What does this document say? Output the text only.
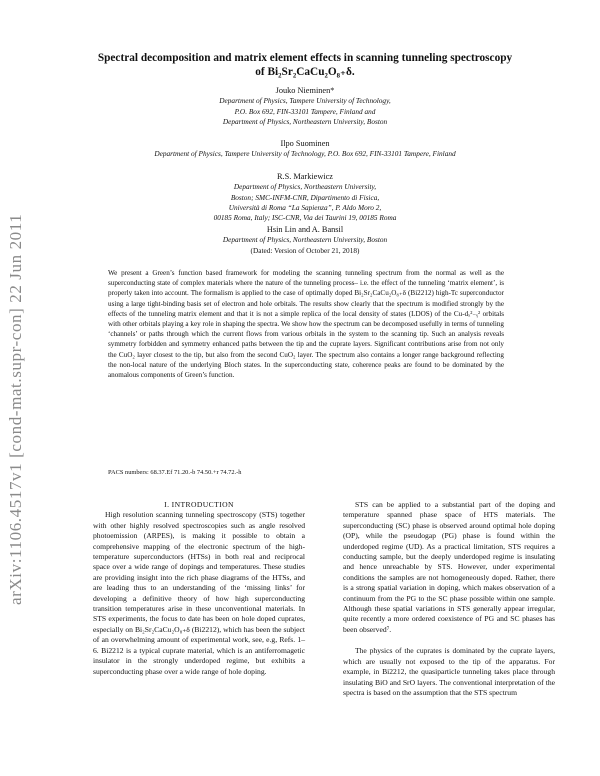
arXiv:1106.4517v1 [cond-mat.supr-con] 22 Jun 2011
Spectral decomposition and matrix element effects in scanning tunneling spectroscopy
of Bi₂Sr₂CaCu₂O₈₊δ.
Jouko Nieminen*
Department of Physics, Tampere University of Technology,
P.O. Box 692, FIN-33101 Tampere, Finland and
Department of Physics, Northeastern University, Boston
Ilpo Suominen
Department of Physics, Tampere University of Technology, P.O. Box 692, FIN-33101 Tampere, Finland
R.S. Markiewicz
Department of Physics, Northeastern University,
Boston; SMC-INFM-CNR, Dipartimento di Fisica,
Università di Roma “La Sapienza”, P. Aldo Moro 2,
00185 Roma, Italy; ISC-CNR, Via dei Taurini 19, 00185 Roma
Hsin Lin and A. Bansil
Department of Physics, Northeastern University, Boston
(Dated: Version of October 21, 2018)
We present a Green’s function based framework for modeling the scanning tunneling spectrum from the normal as well as the superconducting state of complex materials where the nature of the tunneling process– i.e. the effect of the tunneling ‘matrix element’, is properly taken into account. The formalism is applied to the case of optimally doped Bi₂Sr₂CaCu₂O₈₊δ (Bi2212) high-Tc superconductor using a large tight-binding basis set of electron and hole orbitals. The results show clearly that the spectrum is modified strongly by the effects of the tunneling matrix element and that it is not a simple replica of the local density of states (LDOS) of the Cu-dₓ²₋ᵧ² orbitals with other orbitals playing a key role in shaping the spectra. We show how the spectrum can be decomposed usefully in terms of tunneling ‘channels’ or paths through which the current flows from various orbitals in the system to the scanning tip. Such an analysis reveals symmetry forbidden and symmetry enhanced paths between the tip and the cuprate layers. Significant contributions arise from not only the CuO₂ layer closest to the tip, but also from the second CuO₂ layer. The spectrum also contains a longer range background reflecting the non-local nature of the underlying Bloch states. In the superconducting state, coherence peaks are found to be dominated by the anomalous components of Green’s function.
PACS numbers: 68.37.Ef 71.20.-b 74.50.+r 74.72.-h

I. INTRODUCTION

High resolution scanning tunneling spectroscopy (STS) together with other highly resolved spectroscopies such as angle resolved photoemission (ARPES), is making it possible to obtain a comprehensive mapping of the electronic spectrum of the high-temperature superconductors (HTSs) in both real and reciprocal space over a wide range of dopings and temperatures. These studies are providing insight into the rich phase diagrams of the HTSs, and are leading thus to an understanding of the ‘missing links’ for developing a definitive theory of how high superconducting transition temperatures arise in these unconventional materials. In STS experiments, the focus to date has been on hole doped cuprates, especially on Bi₂Sr₂CaCu₂O₈₊δ (Bi2212), which has been the subject of an overwhelming amount of experimental work, see, e.g, Refs. 1–6. Bi2212 is a typical cuprate material, which is an antiferromagetic insulator in the strongly underdoped regime, but exhibits a superconducting phase over a wide range of hole doping.

STS can be applied to a substantial part of the doping and temperature spanned phase space of HTS materials. The superconducting (SC) phase is observed around optimal hole doping (OP), while the pseudogap (PG) phase is found within the underdoped regime (UD). As a practical limitation, STS requires a conducting sample, but the deeply underdoped regime is insulating and hence unreachable by STS. However, under experimental conditions the samples are not homogeneously doped. Rather, there is a strong spatial variation in doping, which makes observation of a continuum from the PG to the SC phase possible within one sample. Although these spatial variations in STS generally appear irregular, quite recently a more ordered coexistence of PG and SC phases has been observed⁷.

The physics of the cuprates is dominated by the cuprate layers, which are usually not exposed to the tip of the apparatus. For example, in Bi2212, the quasiparticle tunneling takes place through insulating BiO and SrO layers. The conventional interpretation of the spectra is based on the assumption that the STS spectrum
